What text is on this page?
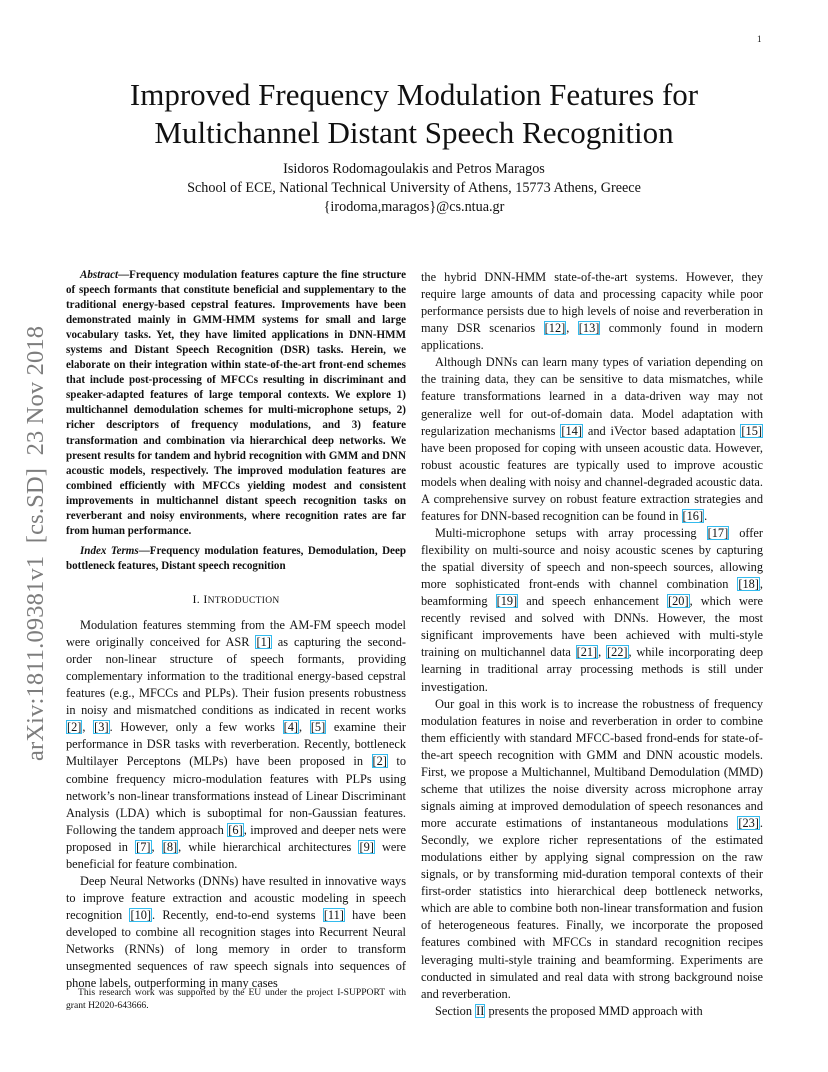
1
arXiv:1811.09381v1  [cs.SD]  23 Nov 2018
Improved Frequency Modulation Features for
Multichannel Distant Speech Recognition
Isidoros Rodomagoulakis and Petros Maragos
School of ECE, National Technical University of Athens, 15773 Athens, Greece
{irodoma,maragos}@cs.ntua.gr

Abstract—Frequency modulation features capture the fine structure of speech formants that constitute beneficial and supplementary to the traditional energy-based cepstral features. Improvements have been demonstrated mainly in GMM-HMM systems for small and large vocabulary tasks. Yet, they have limited applications in DNN-HMM systems and Distant Speech Recognition (DSR) tasks. Herein, we elaborate on their integration within state-of-the-art front-end schemes that include post-processing of MFCCs resulting in discriminant and speaker-adapted features of large temporal contexts. We explore 1) multichannel demodulation schemes for multi-microphone setups, 2) richer descriptors of frequency modulations, and 3) feature transformation and combination via hierarchical deep networks. We present results for tandem and hybrid recognition with GMM and DNN acoustic models, respectively. The improved modulation features are combined efficiently with MFCCs yielding modest and consistent improvements in multichannel distant speech recognition tasks on reverberant and noisy environments, where recognition rates are far from human performance.

Index Terms—Frequency modulation features, Demodulation, Deep bottleneck features, Distant speech recognition

I. INTRODUCTION

Modulation features stemming from the AM-FM speech model were originally conceived for ASR [1] as capturing the second-order non-linear structure of speech formants, providing complementary information to the traditional energy-based cepstral features (e.g., MFCCs and PLPs). Their fusion presents robustness in noisy and mismatched conditions as indicated in recent works [2], [3]. However, only a few works [4], [5] examine their performance in DSR tasks with reverberation. Recently, bottleneck Multilayer Perceptons (MLPs) have been proposed in [2] to combine frequency micro-modulation features with PLPs using network’s non-linear transformations instead of Linear Discriminant Analysis (LDA) which is suboptimal for non-Gaussian features. Following the tandem approach [6], improved and deeper nets were proposed in [7], [8], while hierarchical architectures [9] were beneficial for feature combination.

Deep Neural Networks (DNNs) have resulted in innovative ways to improve feature extraction and acoustic modeling in speech recognition [10]. Recently, end-to-end systems [11] have been developed to combine all recognition stages into Recurrent Neural Networks (RNNs) of long memory in order to transform unsegmented sequences of raw speech signals into sequences of phone labels, outperforming in many cases

the hybrid DNN-HMM state-of-the-art systems. However, they require large amounts of data and processing capacity while poor performance persists due to high levels of noise and reverberation in many DSR scenarios [12], [13] commonly found in modern applications.

Although DNNs can learn many types of variation depending on the training data, they can be sensitive to data mismatches, while feature transformations learned in a data-driven way may not generalize well for out-of-domain data. Model adaptation with regularization mechanisms [14] and iVector based adaptation [15] have been proposed for coping with unseen acoustic data. However, robust acoustic features are typically used to improve acoustic models when dealing with noisy and channel-degraded acoustic data. A comprehensive survey on robust feature extraction strategies and features for DNN-based recognition can be found in [16].

Multi-microphone setups with array processing [17] offer flexibility on multi-source and noisy acoustic scenes by capturing the spatial diversity of speech and non-speech sources, allowing more sophisticated front-ends with channel combination [18], beamforming [19] and speech enhancement [20], which were recently revised and solved with DNNs. However, the most significant improvements have been achieved with multi-style training on multichannel data [21], [22], while incorporating deep learning in traditional array processing methods is still under investigation.

Our goal in this work is to increase the robustness of frequency modulation features in noise and reverberation in order to combine them efficiently with standard MFCC-based frond-ends for state-of-the-art speech recognition with GMM and DNN acoustic models. First, we propose a Multichannel, Multiband Demodulation (MMD) scheme that utilizes the noise diversity across microphone array signals aiming at improved demodulation of speech resonances and more accurate estimations of instantaneous modulations [23]. Secondly, we explore richer representations of the estimated modulations either by applying signal compression on the raw signals, or by transforming mid-duration temporal contexts of their first-order statistics into hierarchical deep bottleneck networks, which are able to combine both non-linear transformation and fusion of heterogeneous features. Finally, we incorporate the proposed features combined with MFCCs in standard recognition recipes leveraging multi-style training and beamforming. Experiments are conducted in simulated and real data with strong background noise and reverberation.

Section II presents the proposed MMD approach with

This research work was supported by the EU under the project I-SUPPORT with grant H2020-643666.
